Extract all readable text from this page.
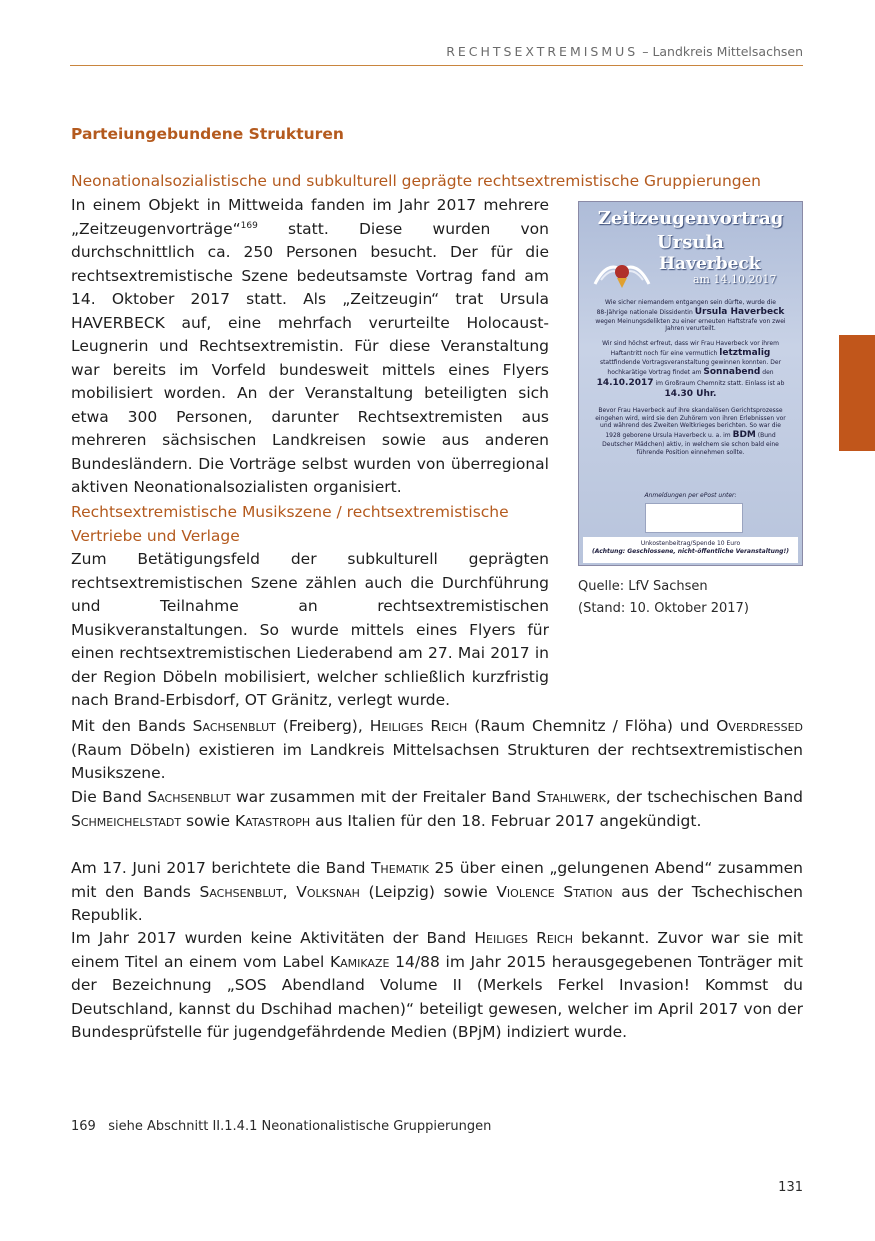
RECHTSEXTREMISMUS – Landkreis Mittelsachsen
Parteiungebundene Strukturen
Neonationalsozialistische und subkulturell geprägte rechtsextremistische Gruppierungen
In einem Objekt in Mittweida fanden im Jahr 2017 mehrere „Zeitzeugenvorträge“$^{169}$ statt. Diese wurden von durchschnittlich ca. 250 Personen besucht. Der für die rechtsextremistische Szene bedeutsamste Vortrag fand am 14. Oktober 2017 statt. Als „Zeitzeugin“ trat Ursula HAVERBECK auf, eine mehrfach verurteilte Holocaust-Leugnerin und Rechtsextremistin. Für diese Veranstaltung war bereits im Vorfeld bundesweit mittels eines Flyers mobilisiert worden. An der Veranstaltung beteiligten sich etwa 300 Personen, darunter Rechtsextremisten aus mehreren sächsischen Landkreisen sowie aus anderen Bundesländern. Die Vorträge selbst wurden von überregional aktiven Neonationalsozialisten organisiert.
Rechtsextremistische Musikszene / rechtsextremistische
Vertriebe und Verlage
Zum Betätigungsfeld der subkulturell geprägten rechtsextremistischen Szene zählen auch die Durchführung und Teilnahme an rechtsextremistischen Musikveranstaltungen. So wurde mittels eines Flyers für einen rechtsextremistischen Liederabend am 27. Mai 2017 in der Region Döbeln mobilisiert, welcher schließlich kurzfristig nach Brand-Erbisdorf, OT Gränitz, verlegt wurde.
Zeitzeugenvortrag
Ursula
Haverbeck
am 14.10.2017
Wie sicher niemandem entgangen sein dürfte, wurde die
88-Jährige nationale Dissidentin Ursula Haverbeck
wegen Meinungsdelikten zu einer erneuten Haftstrafe von zwei Jahren verurteilt.

Wir sind höchst erfreut, dass wir Frau Haverbeck vor ihrem Haftantritt noch für eine vermutlich letztmalig stattfindende Vortragsveranstaltung gewinnen konnten. Der hochkarätige Vortrag findet am Sonnabend den 14.10.2017 im Großraum Chemnitz statt. Einlass ist ab 14.30 Uhr.

Bevor Frau Haverbeck auf ihre skandalösen Gerichtsprozesse eingehen wird, wird sie den Zuhörern von ihren Erlebnissen vor und während des Zweiten Weltkrieges berichten. So war die 1928 geborene Ursula Haverbeck u. a. im BDM (Bund Deutscher Mädchen) aktiv, in welchem sie schon bald eine führende Position einnehmen sollte.
Anmeldungen per ePost unter:
Unkostenbeitrag/Spende 10 Euro
(Achtung: Geschlossene, nicht-öffentliche Veranstaltung!)
Quelle: LfV Sachsen
(Stand: 10. Oktober 2017)
Mit den Bands Sachsenblut (Freiberg), Heiliges Reich (Raum Chemnitz / Flöha) und Overdressed (Raum Döbeln) existieren im Landkreis Mittelsachsen Strukturen der rechtsextremistischen Musikszene.
Die Band Sachsenblut war zusammen mit der Freitaler Band Stahlwerk, der tschechischen Band Schmeichelstadt sowie Katastroph aus Italien für den 18. Februar 2017 angekündigt.
Am 17. Juni 2017 berichtete die Band Thematik 25 über einen „gelungenen Abend“ zusammen mit den Bands Sachsenblut, Volksnah (Leipzig) sowie Violence Station aus der Tschechischen Republik.
Im Jahr 2017 wurden keine Aktivitäten der Band Heiliges Reich bekannt. Zuvor war sie mit einem Titel an einem vom Label Kamikaze 14/88 im Jahr 2015 herausgegebenen Tonträger mit der Bezeichnung „SOS Abendland Volume II (Merkels Ferkel Invasion! Kommst du Deutschland, kannst du Dschihad machen)“ beteiligt gewesen, welcher im April 2017 von der Bundesprüfstelle für jugendgefährdende Medien (BPjM) indiziert wurde.
169 siehe Abschnitt II.1.4.1 Neonationalistische Gruppierungen
131
